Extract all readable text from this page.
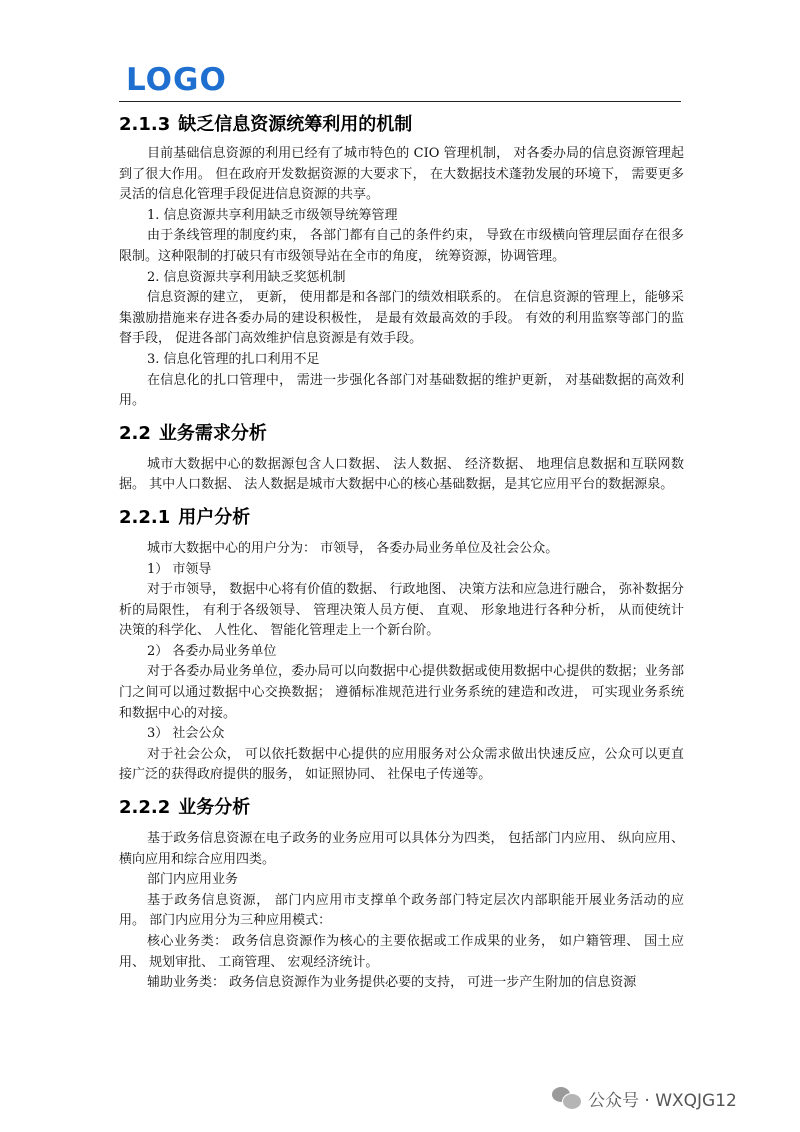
LOGO
2.1.3 缺乏信息资源统筹利用的机制

目前基础信息资源的利用已经有了城市特色的 CIO 管理机制， 对各委办局的信息资源管理起到了很大作用。 但在政府开发数据资源的大要求下， 在大数据技术蓬勃发展的环境下， 需要更多灵活的信息化管理手段促进信息资源的共享。

1. 信息资源共享利用缺乏市级领导统筹管理

由于条线管理的制度约束， 各部门都有自己的条件约束， 导致在市级横向管理层面存在很多限制。这种限制的打破只有市级领导站在全市的角度， 统筹资源，协调管理。

2. 信息资源共享利用缺乏奖惩机制

信息资源的建立， 更新， 使用都是和各部门的绩效相联系的。 在信息资源的管理上，能够采集激励措施来存进各委办局的建设积极性， 是最有效最高效的手段。 有效的利用监察等部门的监督手段， 促进各部门高效维护信息资源是有效手段。

3. 信息化管理的扎口利用不足

在信息化的扎口管理中， 需进一步强化各部门对基础数据的维护更新， 对基础数据的高效利用。

2.2 业务需求分析

城市大数据中心的数据源包含人口数据、 法人数据、 经济数据、 地理信息数据和互联网数据。 其中人口数据、 法人数据是城市大数据中心的核心基础数据，是其它应用平台的数据源泉。

2.2.1 用户分析

城市大数据中心的用户分为： 市领导， 各委办局业务单位及社会公众。

1） 市领导

对于市领导， 数据中心将有价值的数据、 行政地图、 决策方法和应急进行融合， 弥补数据分析的局限性， 有利于各级领导、 管理决策人员方便、 直观、 形象地进行各种分析， 从而使统计决策的科学化、 人性化、 智能化管理走上一个新台阶。

2） 各委办局业务单位

对于各委办局业务单位，委办局可以向数据中心提供数据或使用数据中心提供的数据；业务部门之间可以通过数据中心交换数据； 遵循标准规范进行业务系统的建造和改进， 可实现业务系统和数据中心的对接。

3） 社会公众

对于社会公众， 可以依托数据中心提供的应用服务对公众需求做出快速反应，公众可以更直接广泛的获得政府提供的服务， 如证照协同、 社保电子传递等。

2.2.2 业务分析

基于政务信息资源在电子政务的业务应用可以具体分为四类， 包括部门内应用、 纵向应用、 横向应用和综合应用四类。

部门内应用业务

基于政务信息资源， 部门内应用市支撑单个政务部门特定层次内部职能开展业务活动的应用。 部门内应用分为三种应用模式：

核心业务类： 政务信息资源作为核心的主要依据或工作成果的业务， 如户籍管理、 国土应用、 规划审批、 工商管理、 宏观经济统计。

辅助业务类： 政务信息资源作为业务提供必要的支持， 可进一步产生附加的信息资源

公众号 · WXQJG12
